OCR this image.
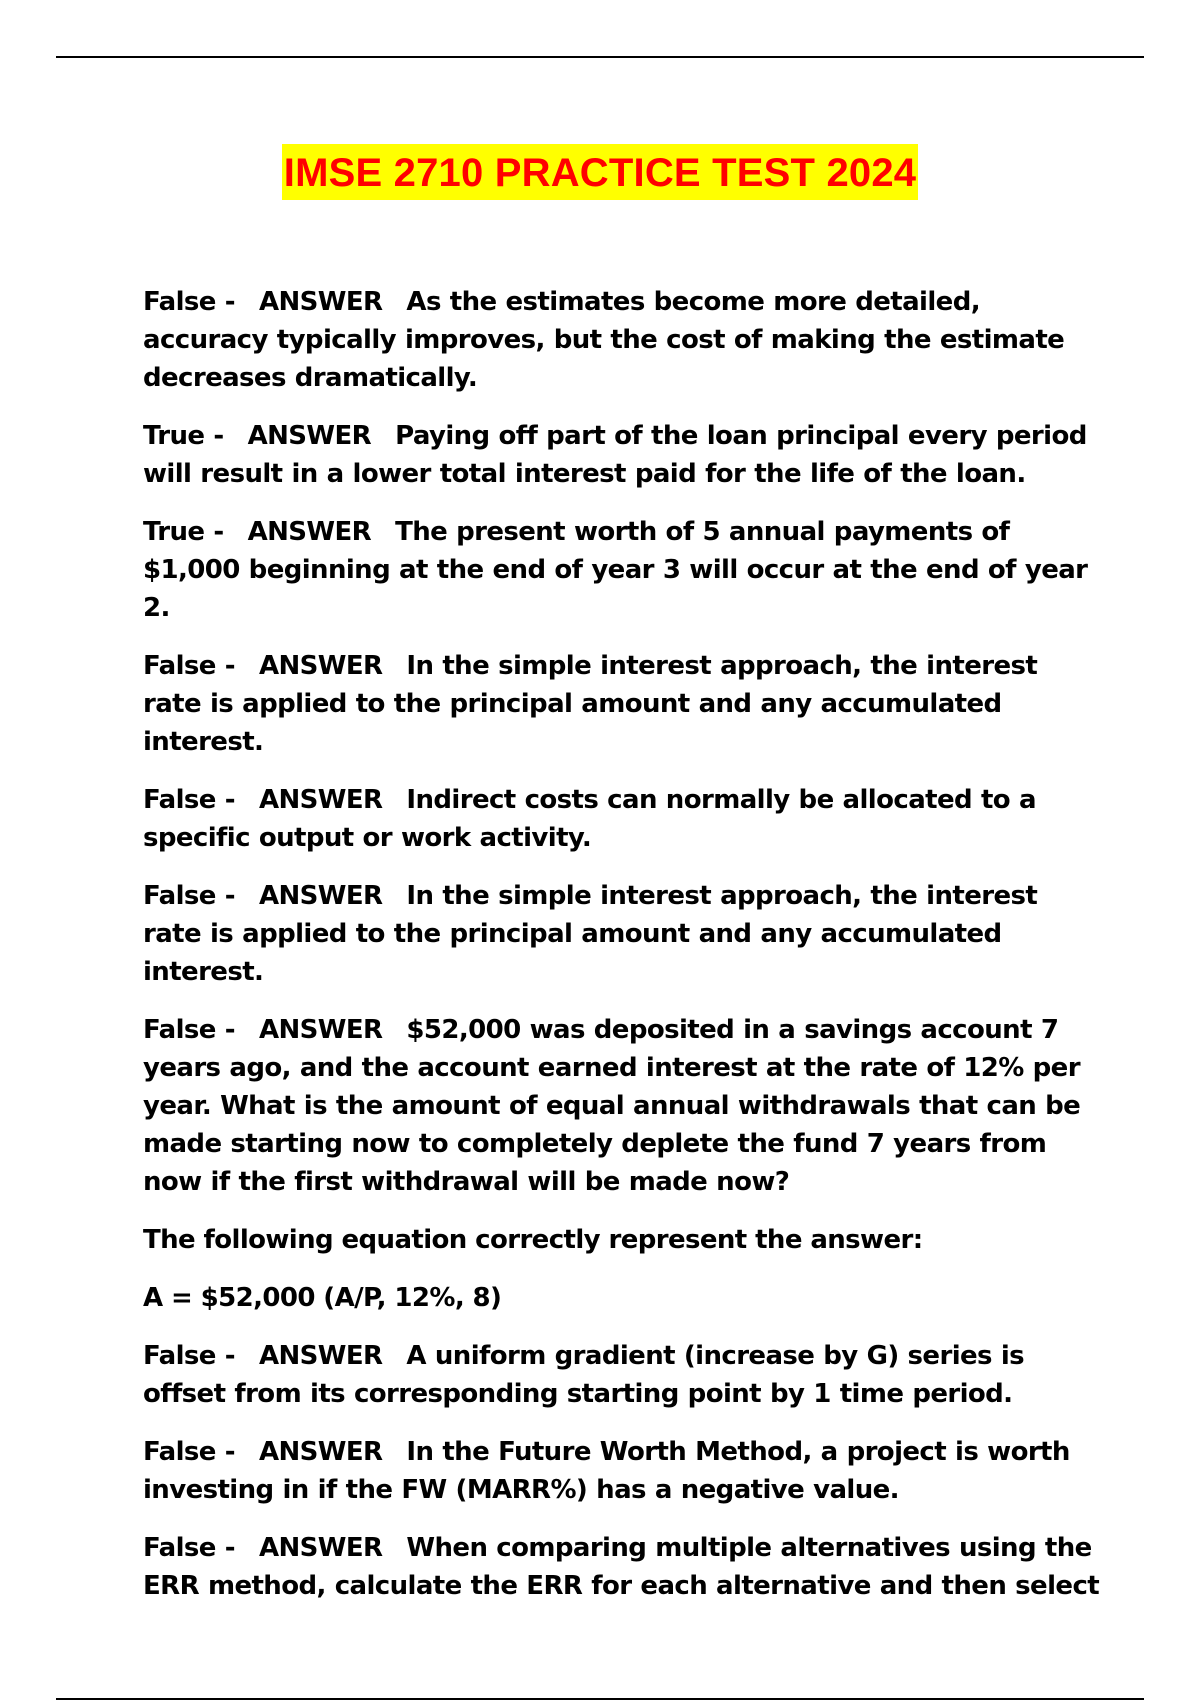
IMSE 2710 PRACTICE TEST 2024

False - ANSWER As the estimates become more detailed, accuracy typically improves, but the cost of making the estimate decreases dramatically.

True - ANSWER Paying off part of the loan principal every period will result in a lower total interest paid for the life of the loan.

True - ANSWER The present worth of 5 annual payments of $1,000 beginning at the end of year 3 will occur at the end of year 2.

False - ANSWER In the simple interest approach, the interest rate is applied to the principal amount and any accumulated interest.

False - ANSWER Indirect costs can normally be allocated to a specific output or work activity.

False - ANSWER In the simple interest approach, the interest rate is applied to the principal amount and any accumulated interest.

False - ANSWER $52,000 was deposited in a savings account 7 years ago, and the account earned interest at the rate of 12% per year. What is the amount of equal annual withdrawals that can be made starting now to completely deplete the fund 7 years from now if the first withdrawal will be made now?

The following equation correctly represent the answer:

A = $52,000 (A/P, 12%, 8)

False - ANSWER A uniform gradient (increase by G) series is offset from its corresponding starting point by 1 time period.

False - ANSWER In the Future Worth Method, a project is worth investing in if the FW (MARR%) has a negative value.

False - ANSWER When comparing multiple alternatives using the ERR method, calculate the ERR for each alternative and then select
